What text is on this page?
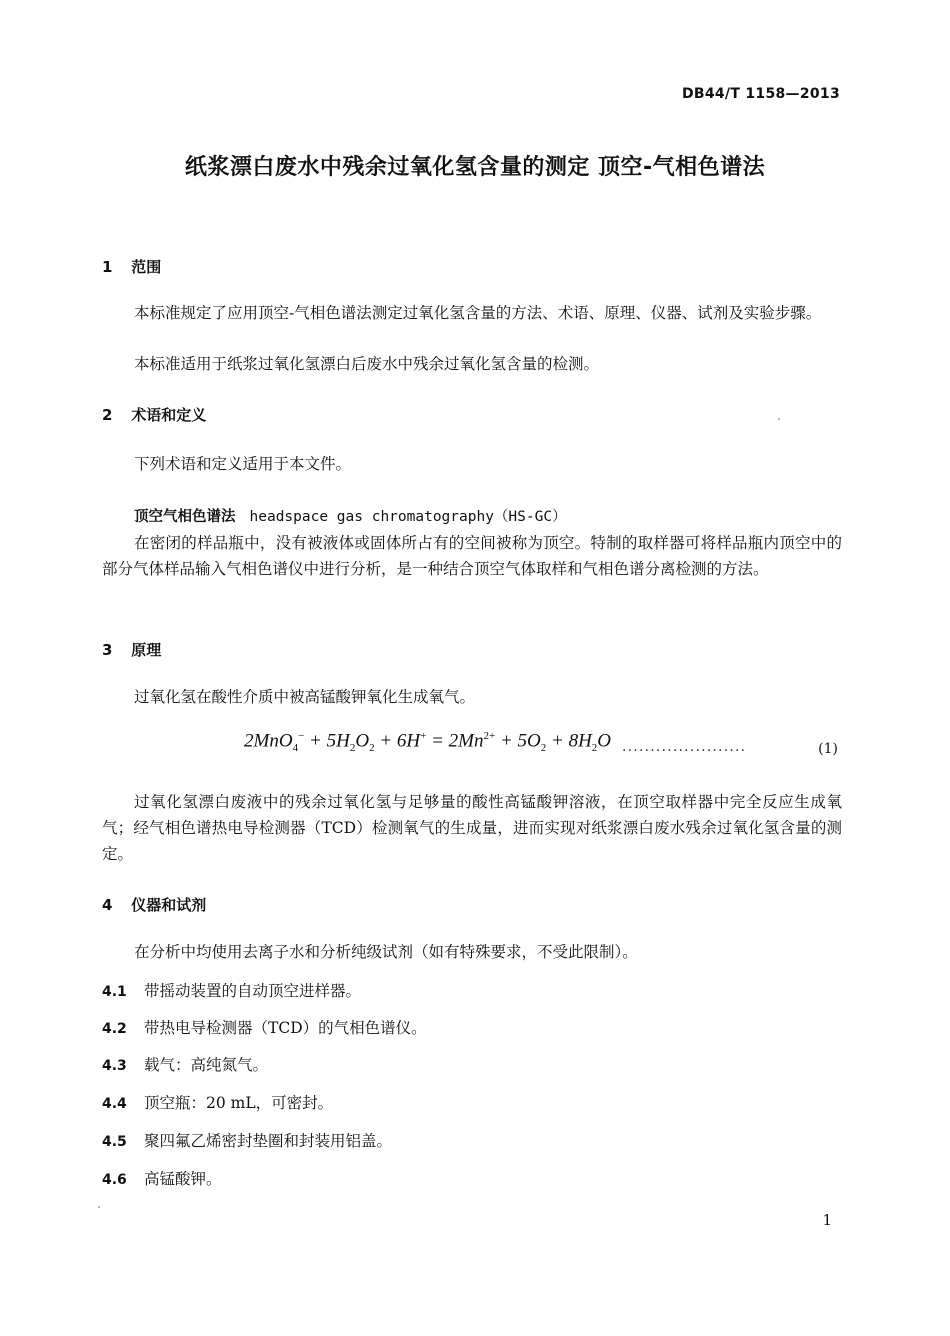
DB44/T 1158—2013
纸浆漂白废水中残余过氧化氢含量的测定 顶空-气相色谱法
1 范围
本标准规定了应用顶空-气相色谱法测定过氧化氢含量的方法、术语、原理、仪器、试剂及实验步骤。
本标准适用于纸浆过氧化氢漂白后废水中残余过氧化氢含量的检测。
2 术语和定义
下列术语和定义适用于本文件。
顶空气相色谱法 headspace gas chromatography（HS-GC）
在密闭的样品瓶中，没有被液体或固体所占有的空间被称为顶空。特制的取样器可将样品瓶内顶空中的部分气体样品输入气相色谱仪中进行分析，是一种结合顶空气体取样和气相色谱分离检测的方法。
3 原理
过氧化氢在酸性介质中被高锰酸钾氧化生成氧气。
$2MnO_4^- + 5H_2O_2 + 6H^+ = 2Mn^{2+} + 5O_2 + 8H_2O$ ......................	(1)
过氧化氢漂白废液中的残余过氧化氢与足够量的酸性高锰酸钾溶液，在顶空取样器中完全反应生成氧气；经气相色谱热电导检测器（TCD）检测氧气的生成量，进而实现对纸浆漂白废水残余过氧化氢含量的测定。
4 仪器和试剂
在分析中均使用去离子水和分析纯级试剂（如有特殊要求，不受此限制）。
4.1 带摇动装置的自动顶空进样器。
4.2 带热电导检测器（TCD）的气相色谱仪。
4.3 载气：高纯氮气。
4.4 顶空瓶：20 mL，可密封。
4.5 聚四氟乙烯密封垫圈和封装用铝盖。
4.6 高锰酸钾。
1
